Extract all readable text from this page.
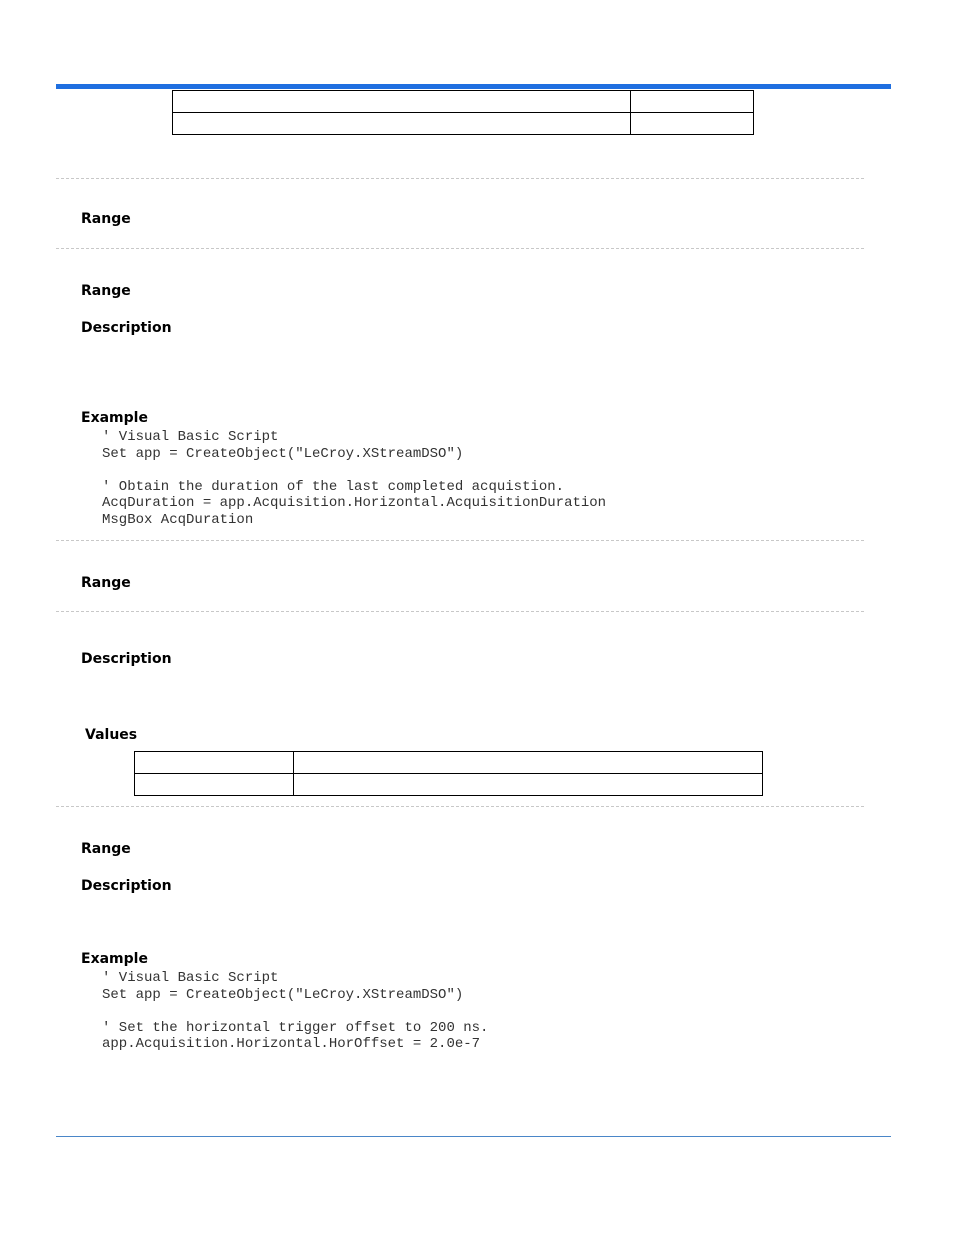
Range
Range
Description
Example
' Visual Basic Script
Set app = CreateObject("LeCroy.XStreamDSO")

' Obtain the duration of the last completed acquistion.
AcqDuration = app.Acquisition.Horizontal.AcquisitionDuration
MsgBox AcqDuration
Range
Description
Values

Range
Description
Example
' Visual Basic Script
Set app = CreateObject("LeCroy.XStreamDSO")

' Set the horizontal trigger offset to 200 ns.
app.Acquisition.Horizontal.HorOffset = 2.0e-7
